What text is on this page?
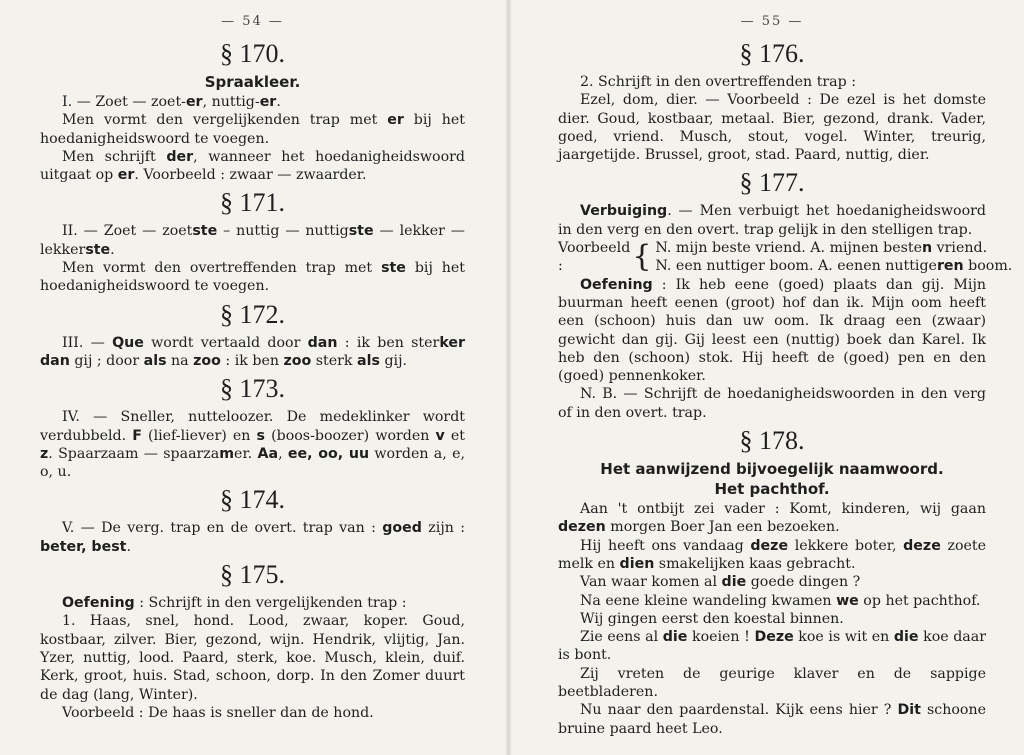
— 54 —
§ 170.
Spraakleer.

I. — Zoet — zoet-er, nuttig-er.

Men vormt den vergelijkenden trap met er bij het hoedanigheidswoord te voegen.

Men schrijft der, wanneer het hoedanigheidswoord uitgaat op er. Voorbeeld : zwaar — zwaarder.

§ 171.

II. — Zoet — zoetste – nuttig — nuttigste — lekker — lekkerste.

Men vormt den overtreffenden trap met ste bij het hoedanigheidswoord te voegen.

§ 172.

III. — Que wordt vertaald door dan : ik ben sterker dan gij ; door als na zoo : ik ben zoo sterk als gij.

§ 173.

IV. — Sneller, nutteloozer. De medeklinker wordt verdubbeld. F (lief-liever) en s (boos-boozer) worden v et z. Spaarzaam — spaarzamer. Aa, ee, oo, uu worden a, e, o, u.

§ 174.

V. — De verg. trap en de overt. trap van : goed zijn : beter, best.

§ 175.

Oefening : Schrijft in den vergelijkenden trap :

1. Haas, snel, hond. Lood, zwaar, koper. Goud, kostbaar, zilver. Bier, gezond, wijn. Hendrik, vlijtig, Jan. Yzer, nuttig, lood. Paard, sterk, koe. Musch, klein, duif. Kerk, groot, huis. Stad, schoon, dorp. In den Zomer duurt de dag (lang, Winter).

Voorbeeld : De haas is sneller dan de hond.

— 55 —
§ 176.

2. Schrijft in den overtreffenden trap :

Ezel, dom, dier. — Voorbeeld : De ezel is het domste dier. Goud, kostbaar, metaal. Bier, gezond, drank. Vader, goed, vriend. Musch, stout, vogel. Winter, treurig, jaargetijde. Brussel, groot, stad. Paard, nuttig, dier.

§ 177.

Verbuiging. — Men verbuigt het hoedanigheidswoord in den verg en den overt. trap gelijk in den stelligen trap.

Voorbeeld :	{ N. mijn beste vriend. A. mijnen besten vriend.
N. een nuttiger boom. A. eenen nuttigeren boom.

Oefening : Ik heb eene (goed) plaats dan gij. Mijn buurman heeft eenen (groot) hof dan ik. Mijn oom heeft een (schoon) huis dan uw oom. Ik draag een (zwaar) gewicht dan gij. Gij leest een (nuttig) boek dan Karel. Ik heb den (schoon) stok. Hij heeft de (goed) pen en den (goed) pennenkoker.

N. B. — Schrijft de hoedanigheidswoorden in den verg of in den overt. trap.

§ 178.
Het aanwijzend bijvoegelijk naamwoord.
Het pachthof.

Aan 't ontbijt zei vader : Komt, kinderen, wij gaan dezen morgen Boer Jan een bezoeken.

Hij heeft ons vandaag deze lekkere boter, deze zoete melk en dien smakelijken kaas gebracht.

Van waar komen al die goede dingen ?

Na eene kleine wandeling kwamen we op het pachthof.

Wij gingen eerst den koestal binnen.

Zie eens al die koeien ! Deze koe is wit en die koe daar is bont.

Zij vreten de geurige klaver en de sappige beetbladeren.

Nu naar den paardenstal. Kijk eens hier ? Dit schoone bruine paard heet Leo.
